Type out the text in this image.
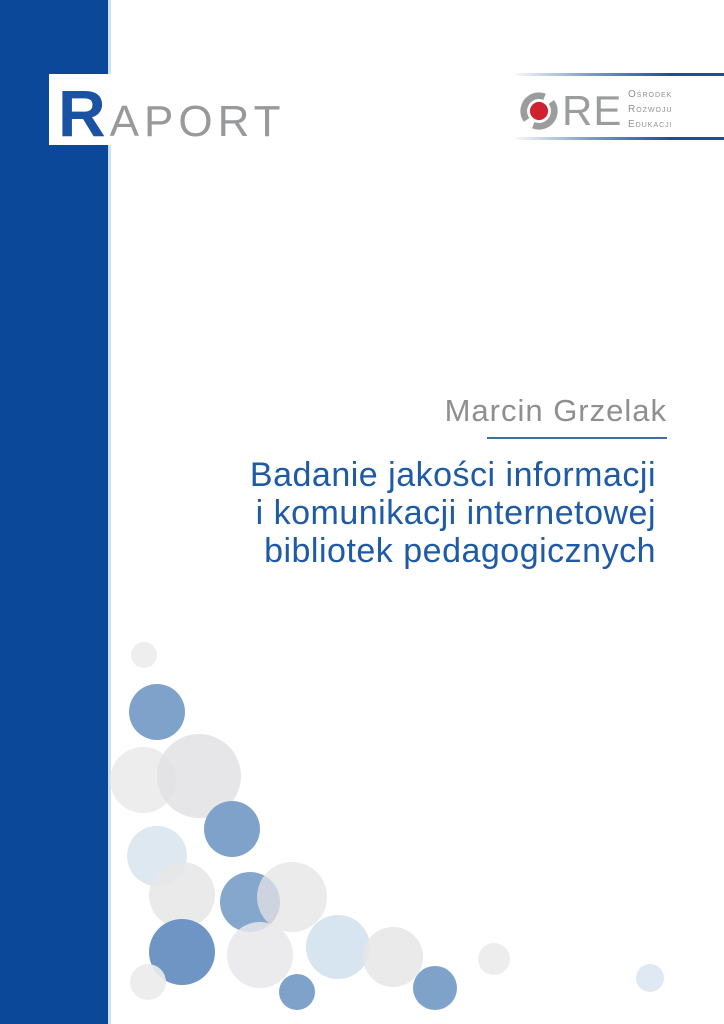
R APORT	RE Ośrodek
Rozwoju
Edukacji
Marcin Grzelak
Badanie jakości informacji
i komunikacji internetowej
bibliotek pedagogicznych
